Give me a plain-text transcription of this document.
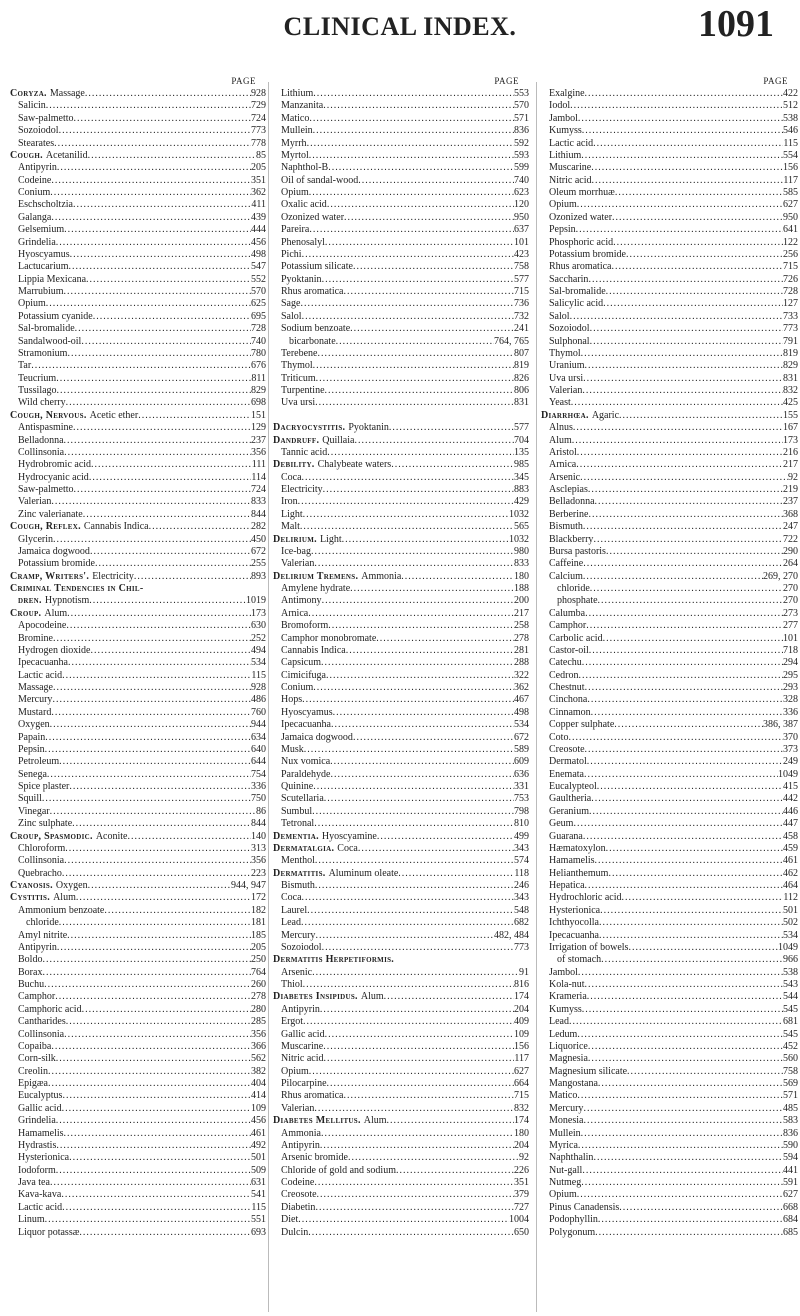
CLINICAL INDEX.	1091
PAGE
Coryza. Massage .....	928
Salicin .....	729
Saw-palmetto .....	724
Sozoiodol .....	773
Stearates .....	778
Cough. Acetanilid .....	85
Antipyrin .....	205
Codeine .....	351
Conium .....	362
Eschscholtzia .....	411
Galanga .....	439
Gelsemium .....	444
Grindelia .....	456
Hyoscyamus .....	498
Lactucarium .....	547
Lippia Mexicana .....	552
Marrubium .....	570
Opium .....	625
Potassium cyanide .....	695
Sal-bromalide .....	728
Sandalwood-oil .....	740
Stramonium .....	780
Tar .....	676
Teucrium .....	811
Tussilago .....	829
Wild cherry .....	698
Cough, Nervous. Acetic ether .....	151
Antispasmine .....	129
Belladonna .....	237
Collinsonia .....	356
Hydrobromic acid .....	111
Hydrocyanic acid .....	114
Saw-palmetto .....	724
Valerian .....	833
Zinc valerianate .....	844
Cough, Reflex. Cannabis Indica .....	282
Glycerin .....	450
Jamaica dogwood .....	672
Potassium bromide .....	255
Cramp, Writers'. Electricity .....	893
Criminal Tendencies in Chil-
dren. Hypnotism .....	1019
Croup. Alum .....	173
Apocodeine .....	630
Bromine .....	252
Hydrogen dioxide .....	494
Ipecacuanha .....	534
Lactic acid .....	115
Massage .....	928
Mercury .....	486
Mustard .....	760
Oxygen .....	944
Papain .....	634
Pepsin .....	640
Petroleum .....	644
Senega .....	754
Spice plaster .....	336
Squill .....	750
Vinegar .....	86
Zinc sulphate .....	844
Croup, Spasmodic. Aconite .....	140
Chloroform .....	313
Collinsonia .....	356
Quebracho .....	223
Cyanosis. Oxygen .....	944, 947
Cystitis. Alum .....	172
Ammonium benzoate .....	182
chloride .....	181
Amyl nitrite .....	185
Antipyrin .....	205
Boldo .....	250
Borax .....	764
Buchu .....	260
Camphor .....	278
Camphoric acid .....	280
Cantharides .....	285
Collinsonia .....	356
Copaiba .....	366
Corn-silk .....	562
Creolin .....	382
Epigæa .....	404
Eucalyptus .....	414
Gallic acid .....	109
Grindelia .....	456
Hamamelis .....	461
Hydrastis .....	492
Hysterionica .....	501
Iodoform .....	509
Java tea .....	631
Kava-kava .....	541
Lactic acid .....	115
Linum .....	551
Liquor potassæ .....	693
PAGE
Lithium .....	553
Manzanita .....	570
Matico .....	571
Mullein .....	836
Myrrh .....	592
Myrtol .....	593
Naphthol-B .....	599
Oil of sandal-wood .....	740
Opium .....	623
Oxalic acid .....	120
Ozonized water .....	950
Pareira .....	637
Phenosalyl .....	101
Pichi .....	423
Potassium silicate .....	758
Pyoktanin .....	577
Rhus aromatica .....	715
Sage .....	736
Salol .....	732
Sodium benzoate .....	241
bicarbonate .....	764, 765
Terebene .....	807
Thymol .....	819
Triticum .....	826
Turpentine .....	806
Uva ursi .....	831
Dacryocystitis. Pyoktanin .....	577
Dandruff. Quillaia .....	704
Tannic acid .....	135
Debility. Chalybeate waters .....	985
Coca .....	345
Electricity .....	883
Iron .....	429
Light .....	1032
Malt .....	565
Delirium. Light .....	1032
Ice-bag .....	980
Valerian .....	833
Delirium Tremens. Ammonia .....	180
Amylene hydrate .....	188
Antimony .....	200
Arnica .....	217
Bromoform .....	258
Camphor monobromate .....	278
Cannabis Indica .....	281
Capsicum .....	288
Cimicifuga .....	322
Conium .....	362
Hops .....	467
Hyoscyamus .....	498
Ipecacuanha .....	534
Jamaica dogwood .....	672
Musk .....	589
Nux vomica .....	609
Paraldehyde .....	636
Quinine .....	331
Scutellaria .....	753
Sumbul .....	798
Tetronal .....	810
Dementia. Hyoscyamine .....	499
Dermatalgia. Coca .....	343
Menthol .....	574
Dermatitis. Aluminum oleate .....	118
Bismuth .....	246
Coca .....	343
Laurel .....	548
Lead .....	682
Mercury .....	482, 484
Sozoiodol .....	773
Dermatitis Herpetiformis.
Arsenic .....	91
Thiol .....	816
Diabetes Insipidus. Alum .....	174
Antipyrin .....	204
Ergot .....	409
Gallic acid .....	109
Muscarine .....	156
Nitric acid .....	117
Opium .....	627
Pilocarpine .....	664
Rhus aromatica .....	715
Valerian .....	832
Diabetes Mellitus. Alum .....	174
Ammonia .....	180
Antipyrin .....	204
Arsenic bromide .....	92
Chloride of gold and sodium .....	226
Codeine .....	351
Creosote .....	379
Diabetin .....	727
Diet .....	1004
Dulcin .....	650
PAGE
Exalgine .....	422
Iodol .....	512
Jambol .....	538
Kumyss .....	546
Lactic acid .....	115
Lithium .....	554
Muscarine .....	156
Nitric acid .....	117
Oleum morrhuæ .....	585
Opium .....	627
Ozonized water .....	950
Pepsin .....	641
Phosphoric acid .....	122
Potassium bromide .....	256
Rhus aromatica .....	715
Saccharin .....	726
Sal-bromalide .....	728
Salicylic acid .....	127
Salol .....	733
Sozoiodol .....	773
Sulphonal .....	791
Thymol .....	819
Uranium .....	829
Uva ursi .....	831
Valerian .....	832
Yeast .....	425
Diarrhœa. Agaric .....	155
Alnus .....	167
Alum .....	173
Aristol .....	216
Arnica .....	217
Arsenic .....	92
Asclepias .....	219
Belladonna .....	237
Berberine .....	368
Bismuth .....	247
Blackberry .....	722
Bursa pastoris .....	290
Caffeine .....	264
Calcium .....	269, 270
chloride .....	270
phosphate .....	270
Calumba .....	273
Camphor .....	277
Carbolic acid .....	101
Castor-oil .....	718
Catechu .....	294
Cedron .....	295
Chestnut .....	293
Cinchona .....	328
Cinnamon .....	336
Copper sulphate .....	386, 387
Coto .....	370
Creosote .....	373
Dermatol .....	249
Enemata .....	1049
Eucalypteol .....	415
Gaultheria .....	442
Geranium .....	446
Geum .....	447
Guarana .....	458
Hæmatoxylon .....	459
Hamamelis .....	461
Helianthemum .....	462
Hepatica .....	464
Hydrochloric acid .....	112
Hysterionica .....	501
Ichthyocolla .....	502
Ipecacuanha .....	534
Irrigation of bowels .....	1049
of stomach .....	966
Jambol .....	538
Kola-nut .....	543
Krameria .....	544
Kumyss .....	545
Lead .....	681
Ledum .....	545
Liquorice .....	452
Magnesia .....	560
Magnesium silicate .....	758
Mangostana .....	569
Matico .....	571
Mercury .....	485
Monesia .....	583
Mullein .....	836
Myrica .....	590
Naphthalin .....	594
Nut-gall .....	441
Nutmeg .....	591
Opium .....	627
Pinus Canadensis .....	668
Podophyllin .....	684
Polygonum .....	685
